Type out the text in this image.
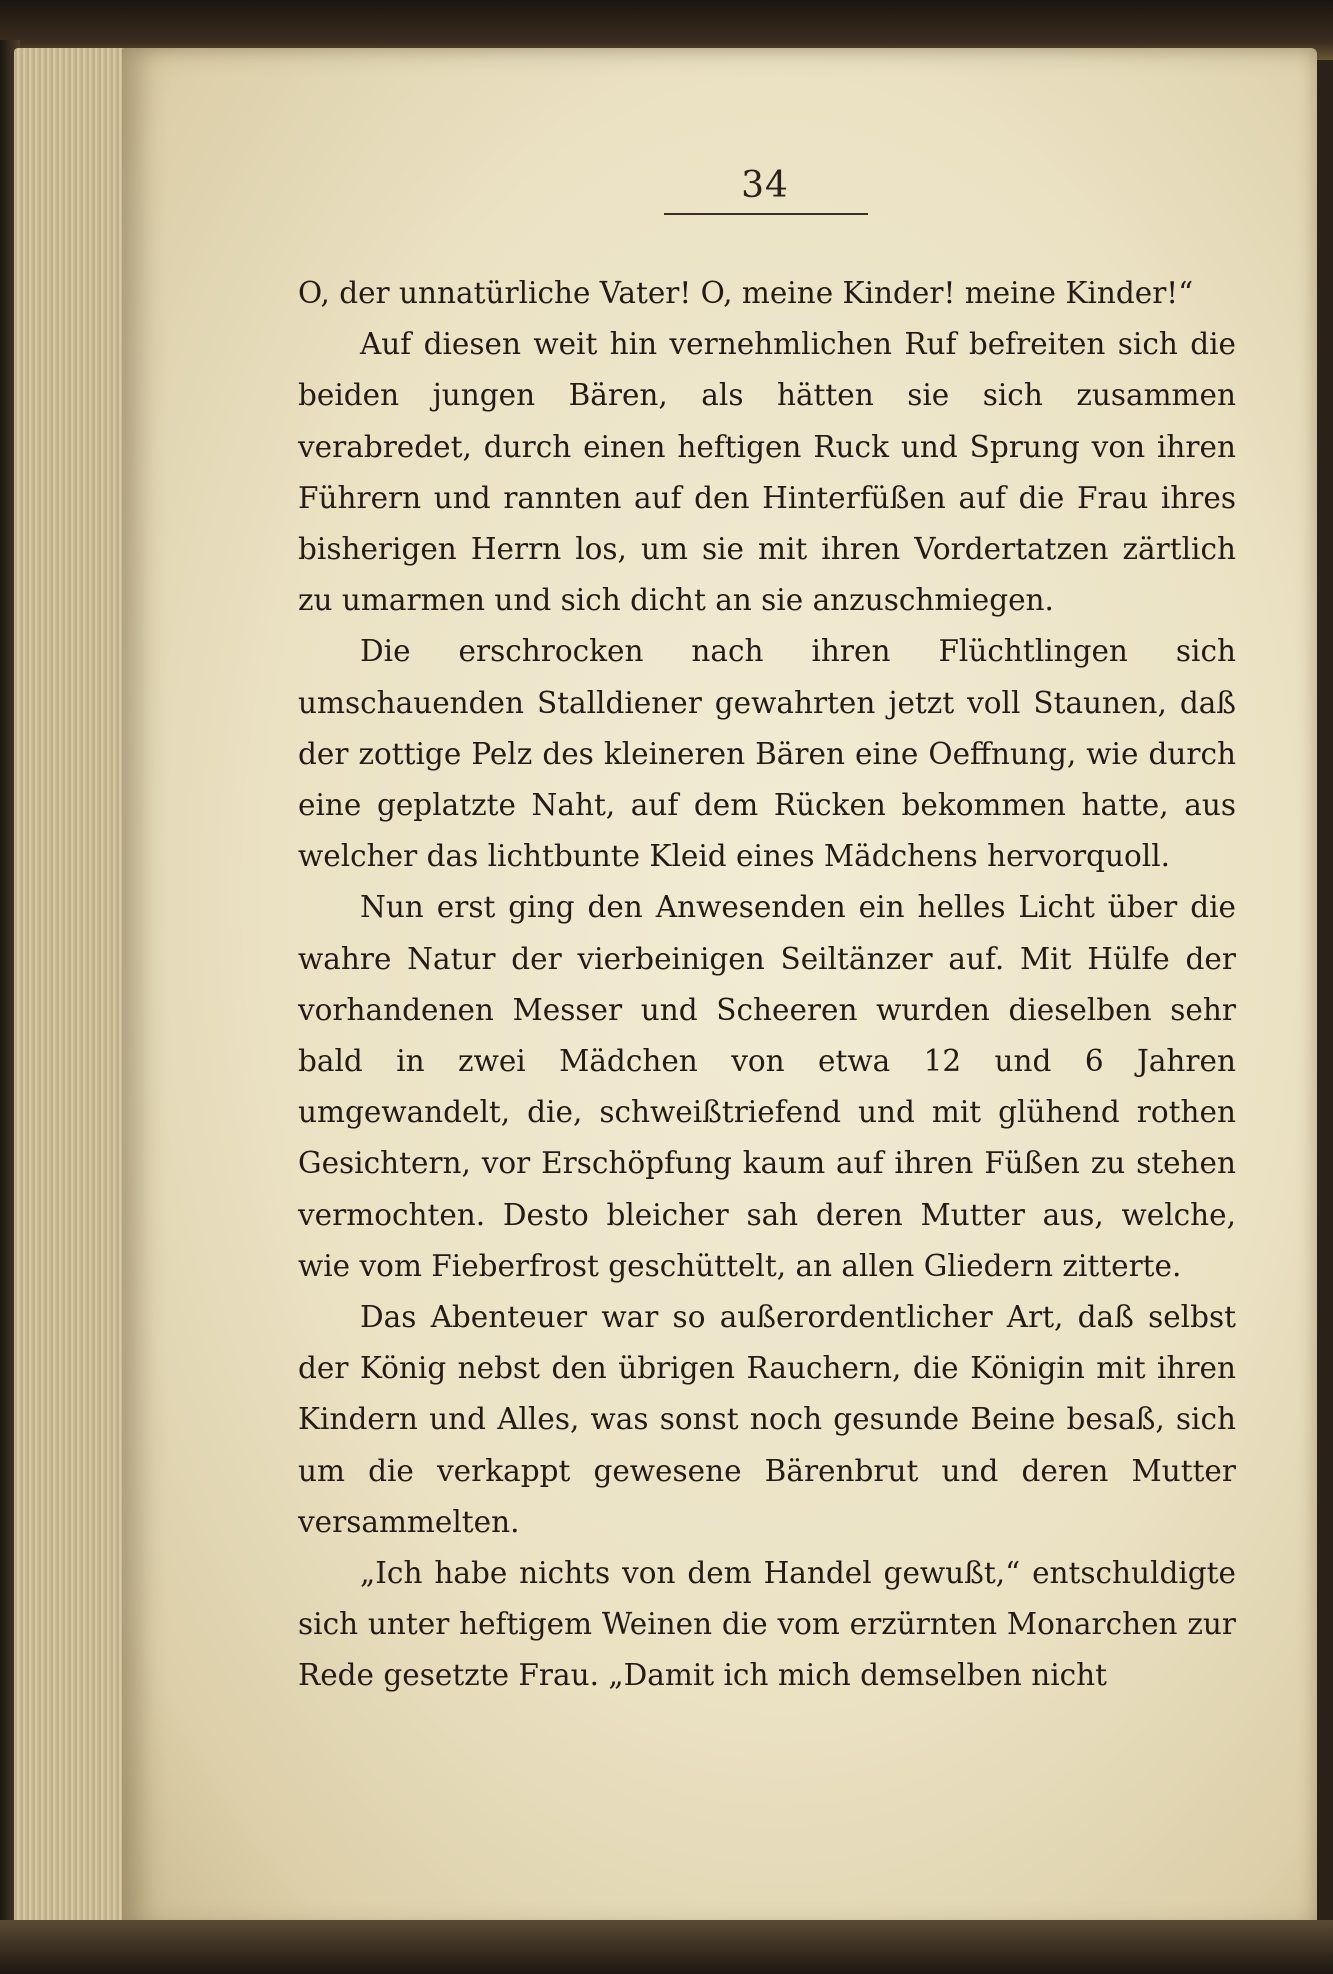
34

O, der unnatürliche Vater! O, meine Kinder! meine Kinder!“

Auf diesen weit hin vernehmlichen Ruf befreiten sich die beiden jungen Bären, als hätten sie sich zusammen verabredet, durch einen heftigen Ruck und Sprung von ihren Führern und rannten auf den Hinterfüßen auf die Frau ihres bisherigen Herrn los, um sie mit ihren Vordertatzen zärtlich zu umarmen und sich dicht an sie anzuschmiegen.

Die erschrocken nach ihren Flüchtlingen sich umschauenden Stalldiener gewahrten jetzt voll Staunen, daß der zottige Pelz des kleineren Bären eine Oeffnung, wie durch eine geplatzte Naht, auf dem Rücken bekommen hatte, aus welcher das lichtbunte Kleid eines Mädchens hervorquoll.

Nun erst ging den Anwesenden ein helles Licht über die wahre Natur der vierbeinigen Seiltänzer auf. Mit Hülfe der vorhandenen Messer und Scheeren wurden dieselben sehr bald in zwei Mädchen von etwa 12 und 6 Jahren umgewandelt, die, schweißtriefend und mit glühend rothen Gesichtern, vor Erschöpfung kaum auf ihren Füßen zu stehen vermochten. Desto bleicher sah deren Mutter aus, welche, wie vom Fieberfrost geschüttelt, an allen Gliedern zitterte.

Das Abenteuer war so außerordentlicher Art, daß selbst der König nebst den übrigen Rauchern, die Königin mit ihren Kindern und Alles, was sonst noch gesunde Beine besaß, sich um die verkappt gewesene Bärenbrut und deren Mutter versammelten.

„Ich habe nichts von dem Handel gewußt,“ entschuldigte sich unter heftigem Weinen die vom erzürnten Monarchen zur Rede gesetzte Frau. „Damit ich mich demselben nicht
